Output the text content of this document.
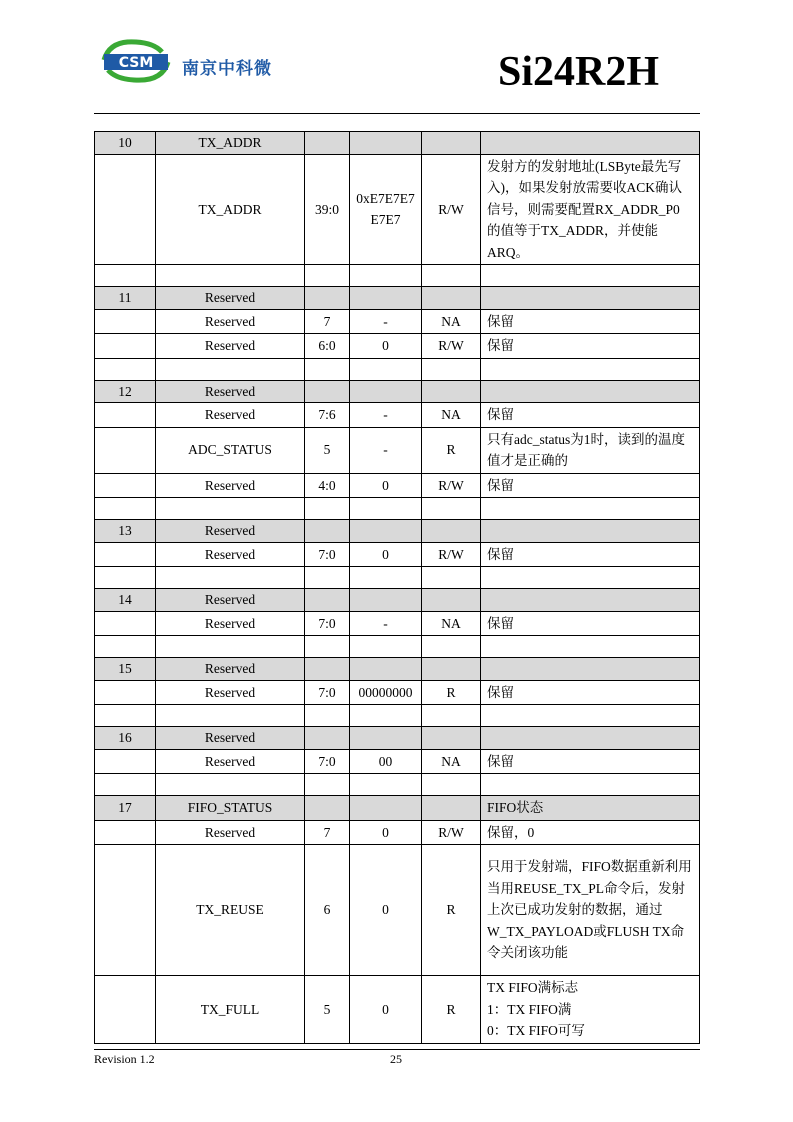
CSM 南京中科微	Si24R2H
10	TX_ADDR				
	TX_ADDR	39:0	0xE7E7E7E7E7	R/W	发射方的发射地址(LSByte最先写入)，如果发射放需要收ACK确认信号，则需要配置RX_ADDR_P0的值等于TX_ADDR，并使能ARQ。

11	Reserved				
	Reserved	7	-	NA	保留
	Reserved	6:0	0	R/W	保留

12	Reserved				
	Reserved	7:6	-	NA	保留
	ADC_STATUS	5	-	R	只有adc_status为1时，读到的温度值才是正确的
	Reserved	4:0	0	R/W	保留

13	Reserved				
	Reserved	7:0	0	R/W	保留

14	Reserved				
	Reserved	7:0	-	NA	保留

15	Reserved				
	Reserved	7:0	00000000	R	保留

16	Reserved				
	Reserved	7:0	00	NA	保留

17	FIFO_STATUS				FIFO状态
	Reserved	7	0	R/W	保留，0
	TX_REUSE	6	0	R	只用于发射端，FIFO数据重新利用
当用REUSE_TX_PL命令后，发射上次已成功发射的数据，通过W_TX_PAYLOAD或FLUSH TX命令关闭该功能
	TX_FULL	5	0	R	TX FIFO满标志
1：TX FIFO满
0：TX FIFO可写
Revision 1.2	25
